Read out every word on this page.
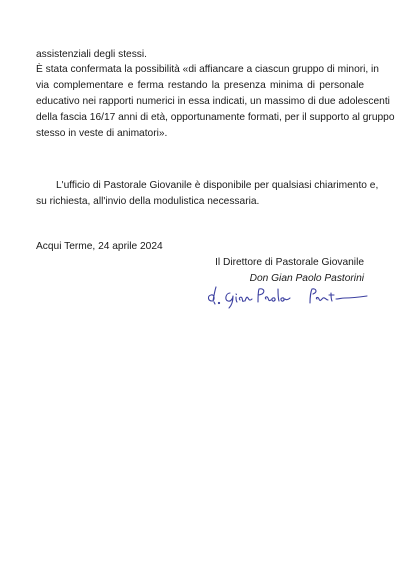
assistenziali degli stessi.
È stata confermata la possibilità «di affiancare a ciascun gruppo di minori, in
via complementare e ferma restando la presenza minima di personale
educativo nei rapporti numerici in essa indicati, un massimo di due adolescenti
della fascia 16/17 anni di età, opportunamente formati, per il supporto al gruppo
stesso in veste di animatori».
L'ufficio di Pastorale Giovanile è disponibile per qualsiasi chiarimento e,
su richiesta, all'invio della modulistica necessaria.
Acqui Terme, 24 aprile 2024
Il Direttore di Pastorale Giovanile
Don Gian Paolo Pastorini
